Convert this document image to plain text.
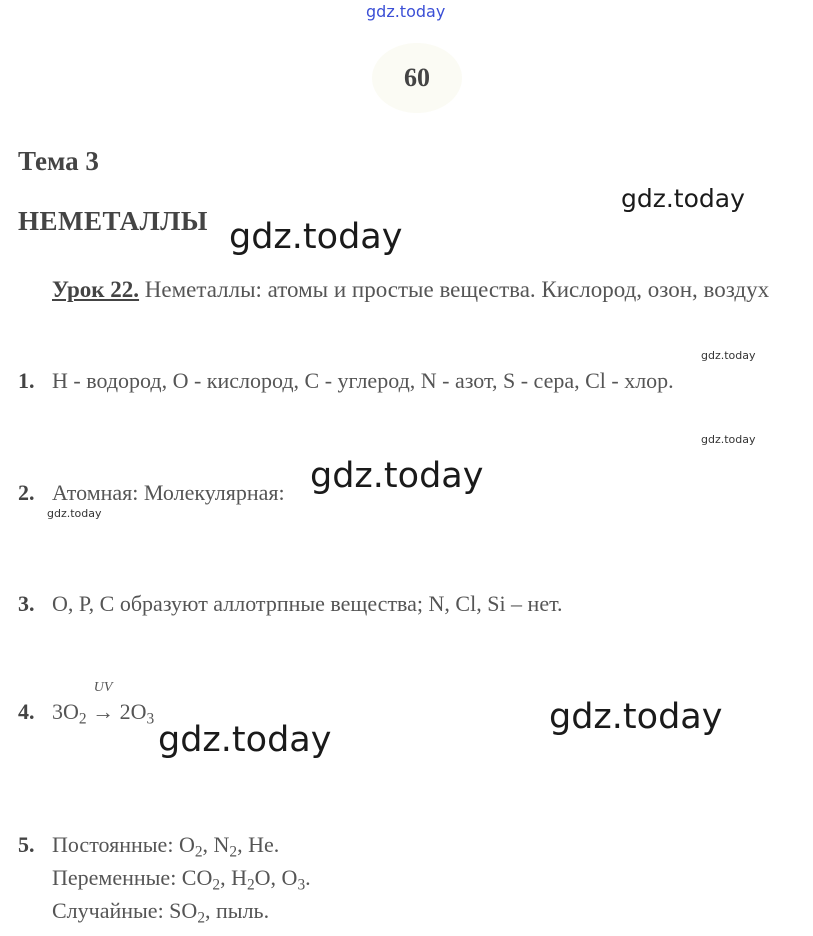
gdz.today
gdz.today
gdz.today
gdz.today
gdz.today
gdz.today
gdz.today
gdz.today
gdz.today
60
Тема 3
НЕМЕТАЛЛЫ
Урок 22. Неметаллы: атомы и простые вещества. Кислород, озон, воздух
1. H - водород, O - кислород, C - углерод, N - азот, S - сера, Cl - хлор.
2. Атомная: Молекулярная:
3. O, P, C образуют аллотрпные вещества; N, Cl, Si – нет.
4. $3O_2$
UV
→ $2O_3$
5. Постоянные: $O_2$, $N_2$, He.
Переменные: $CO_2$, $H_2O$, $O_3$.
Случайные: $SO_2$, пыль.
